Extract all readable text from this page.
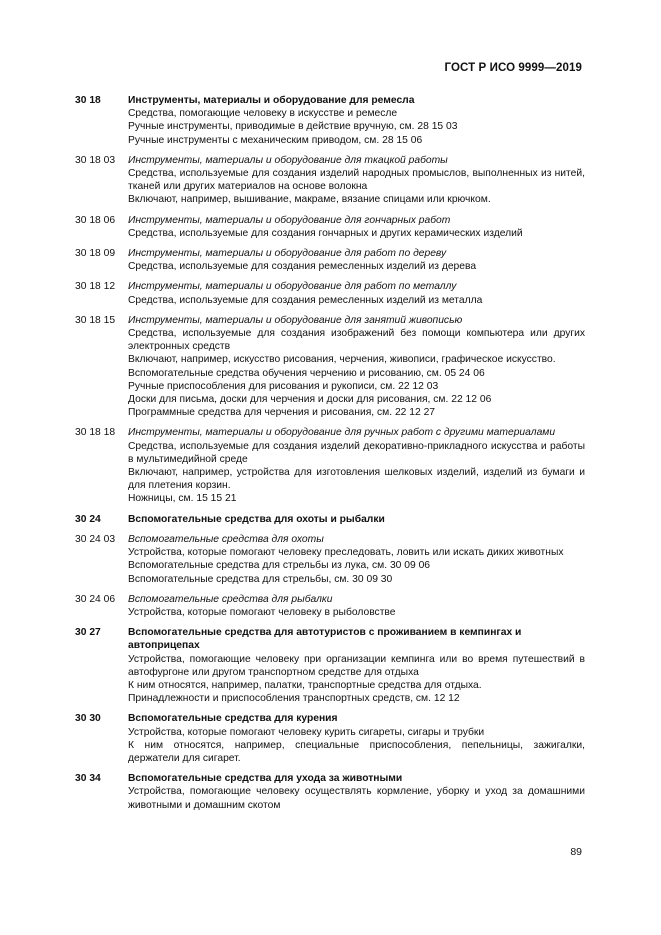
ГОСТ Р ИСО 9999—2019
30 18	Инструменты, материалы и оборудование для ремесла
Средства, помогающие человеку в искусстве и ремесле
Ручные инструменты, приводимые в действие вручную, см. 28 15 03
Ручные инструменты с механическим приводом, см. 28 15 06
30 18 03	Инструменты, материалы и оборудование для ткацкой работы
Средства, используемые для создания изделий народных промыслов, выполненных из нитей, тканей или других материалов на основе волокна
Включают, например, вышивание, макраме, вязание спицами или крючком.
30 18 06	Инструменты, материалы и оборудование для гончарных работ
Средства, используемые для создания гончарных и других керамических изделий
30 18 09	Инструменты, материалы и оборудование для работ по дереву
Средства, используемые для создания ремесленных изделий из дерева
30 18 12	Инструменты, материалы и оборудование для работ по металлу
Средства, используемые для создания ремесленных изделий из металла
30 18 15	Инструменты, материалы и оборудование для занятий живописью
Средства, используемые для создания изображений без помощи компьютера или других электронных средств
Включают, например, искусство рисования, черчения, живописи, графическое искусство.
Вспомогательные средства обучения черчению и рисованию, см. 05 24 06
Ручные приспособления для рисования и рукописи, см. 22 12 03
Доски для письма, доски для черчения и доски для рисования, см. 22 12 06
Программные средства для черчения и рисования, см. 22 12 27
30 18 18	Инструменты, материалы и оборудование для ручных работ с другими материалами
Средства, используемые для создания изделий декоративно-прикладного искусства и работы в мультимедийной среде
Включают, например, устройства для изготовления шелковых изделий, изделий из бумаги и для плетения корзин.
Ножницы, см. 15 15 21
30 24	Вспомогательные средства для охоты и рыбалки
30 24 03	Вспомогательные средства для охоты
Устройства, которые помогают человеку преследовать, ловить или искать диких животных
Вспомогательные средства для стрельбы из лука, см. 30 09 06
Вспомогательные средства для стрельбы, см. 30 09 30
30 24 06	Вспомогательные средства для рыбалки
Устройства, которые помогают человеку в рыболовстве
30 27	Вспомогательные средства для автотуристов с проживанием в кемпингах и автоприцепах
Устройства, помогающие человеку при организации кемпинга или во время путешествий в автофургоне или другом транспортном средстве для отдыха
К ним относятся, например, палатки, транспортные средства для отдыха.
Принадлежности и приспособления транспортных средств, см. 12 12
30 30	Вспомогательные средства для курения
Устройства, которые помогают человеку курить сигареты, сигары и трубки
К ним относятся, например, специальные приспособления, пепельницы, зажигалки, держатели для сигарет.
30 34	Вспомогательные средства для ухода за животными
Устройства, помогающие человеку осуществлять кормление, уборку и уход за домашними животными и домашним скотом
89
